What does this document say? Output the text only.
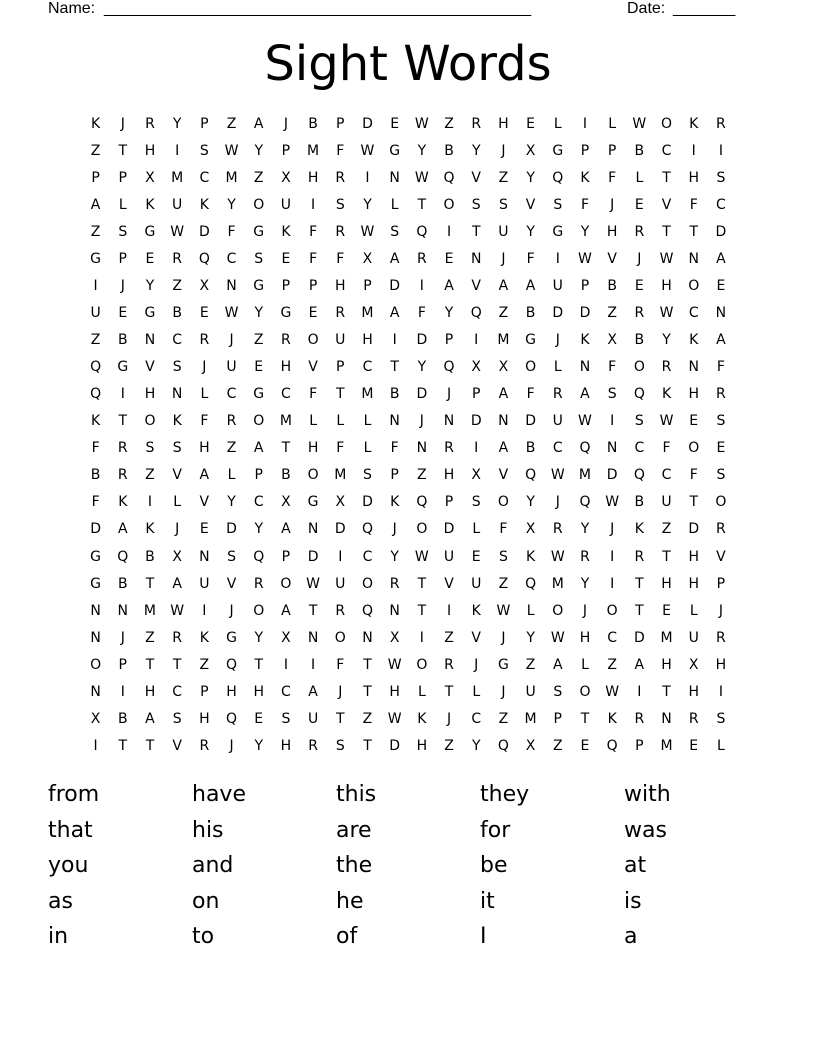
Name: ________________________________________________	Date: _______
Sight Words
K	J	R	Y	P	Z	A	J	B	P	D	E	W	Z	R	H	E	L	I	L	W	O	K	R
Z	T	H	I	S	W	Y	P	M	F	W	G	Y	B	Y	J	X	G	P	P	B	C	I	I
P	P	X	M	C	M	Z	X	H	R	I	N	W	Q	V	Z	Y	Q	K	F	L	T	H	S
A	L	K	U	K	Y	O	U	I	S	Y	L	T	O	S	S	V	S	F	J	E	V	F	C
Z	S	G	W	D	F	G	K	F	R	W	S	Q	I	T	U	Y	G	Y	H	R	T	T	D
G	P	E	R	Q	C	S	E	F	F	X	A	R	E	N	J	F	I	W	V	J	W	N	A
I	J	Y	Z	X	N	G	P	P	H	P	D	I	A	V	A	A	U	P	B	E	H	O	E
U	E	G	B	E	W	Y	G	E	R	M	A	F	Y	Q	Z	B	D	D	Z	R	W	C	N
Z	B	N	C	R	J	Z	R	O	U	H	I	D	P	I	M	G	J	K	X	B	Y	K	A
Q	G	V	S	J	U	E	H	V	P	C	T	Y	Q	X	X	O	L	N	F	O	R	N	F
Q	I	H	N	L	C	G	C	F	T	M	B	D	J	P	A	F	R	A	S	Q	K	H	R
K	T	O	K	F	R	O	M	L	L	L	N	J	N	D	N	D	U	W	I	S	W	E	S
F	R	S	S	H	Z	A	T	H	F	L	F	N	R	I	A	B	C	Q	N	C	F	O	E
B	R	Z	V	A	L	P	B	O	M	S	P	Z	H	X	V	Q	W	M	D	Q	C	F	S
F	K	I	L	V	Y	C	X	G	X	D	K	Q	P	S	O	Y	J	Q	W	B	U	T	O
D	A	K	J	E	D	Y	A	N	D	Q	J	O	D	L	F	X	R	Y	J	K	Z	D	R
G	Q	B	X	N	S	Q	P	D	I	C	Y	W	U	E	S	K	W	R	I	R	T	H	V
G	B	T	A	U	V	R	O	W	U	O	R	T	V	U	Z	Q	M	Y	I	T	H	H	P
N	N	M	W	I	J	O	A	T	R	Q	N	T	I	K	W	L	O	J	O	T	E	L	J
N	J	Z	R	K	G	Y	X	N	O	N	X	I	Z	V	J	Y	W	H	C	D	M	U	R
O	P	T	T	Z	Q	T	I	I	F	T	W	O	R	J	G	Z	A	L	Z	A	H	X	H
N	I	H	C	P	H	H	C	A	J	T	H	L	T	L	J	U	S	O	W	I	T	H	I
X	B	A	S	H	Q	E	S	U	T	Z	W	K	J	C	Z	M	P	T	K	R	N	R	S
I	T	T	V	R	J	Y	H	R	S	T	D	H	Z	Y	Q	X	Z	E	Q	P	M	E	L
from	have	this	they	with
that	his	are	for	was
you	and	the	be	at
as	on	he	it	is
in	to	of	I	a
